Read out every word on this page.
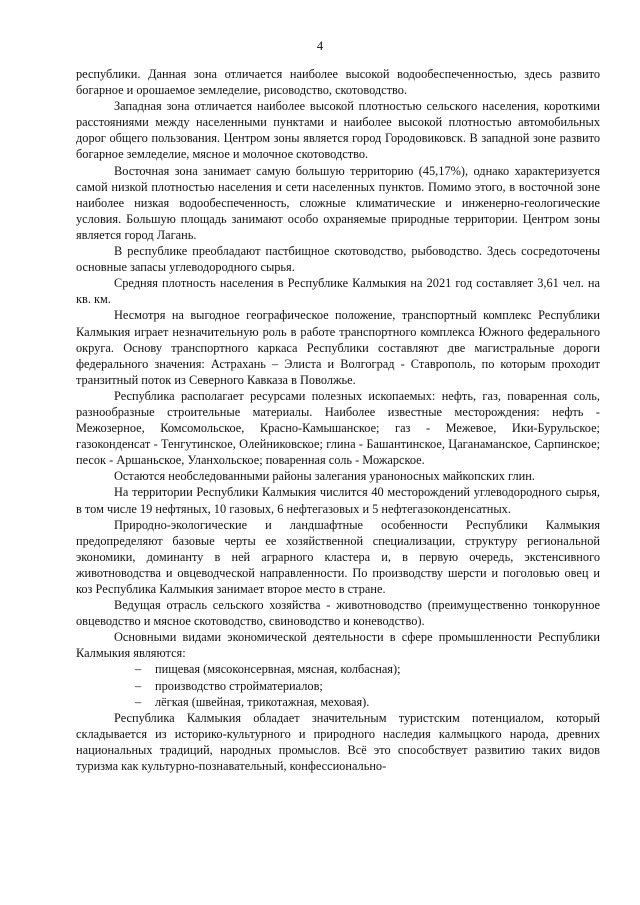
4

республики. Данная зона отличается наиболее высокой водообеспеченностью, здесь развито богарное и орошаемое земледелие, рисоводство, скотоводство.

Западная зона отличается наиболее высокой плотностью сельского населения, короткими расстояниями между населенными пунктами и наиболее высокой плотностью автомобильных дорог общего пользования. Центром зоны является город Городовиковск. В западной зоне развито богарное земледелие, мясное и молочное скотоводство.

Восточная зона занимает самую большую территорию (45,17%), однако характеризуется самой низкой плотностью населения и сети населенных пунктов. Помимо этого, в восточной зоне наиболее низкая водообеспеченность, сложные климатические и инженерно-геологические условия. Большую площадь занимают особо охраняемые природные территории. Центром зоны является город Лагань.

В республике преобладают пастбищное скотоводство, рыбоводство. Здесь сосредоточены основные запасы углеводородного сырья.

Средняя плотность населения в Республике Калмыкия на 2021 год составляет 3,61 чел. на кв. км.

Несмотря на выгодное географическое положение, транспортный комплекс Республики Калмыкия играет незначительную роль в работе транспортного комплекса Южного федерального округа. Основу транспортного каркаса Республики составляют две магистральные дороги федерального значения: Астрахань – Элиста и Волгоград - Ставрополь, по которым проходит транзитный поток из Северного Кавказа в Поволжье.

Республика располагает ресурсами полезных ископаемых: нефть, газ, поваренная соль, разнообразные строительные материалы. Наиболее известные месторождения: нефть - Межозерное, Комсомольское, Красно-Камышанское; газ - Межевое, Ики-Бурульское; газоконденсат - Тенгутинское, Олейниковское; глина - Башантинское, Цаганаманское, Сарпинское; песок - Аршаньское, Уланхольское; поваренная соль - Можарское.

Остаются необследованными районы залегания ураноносных майкопских глин.

На территории Республики Калмыкия числится 40 месторождений углеводородного сырья, в том числе 19 нефтяных, 10 газовых, 6 нефтегазовых и 5 нефтегазоконденсатных.

Природно-экологические и ландшафтные особенности Республики Калмыкия предопределяют базовые черты ее хозяйственной специализации, структуру региональной экономики, доминанту в ней аграрного кластера и, в первую очередь, экстенсивного животноводства и овцеводческой направленности. По производству шерсти и поголовью овец и коз Республика Калмыкия занимает второе место в стране.

Ведущая отрасль сельского хозяйства - животноводство (преимущественно тонкорунное овцеводство и мясное скотоводство, свиноводство и коневодство).

Основными видами экономической деятельности в сфере промышленности Республики Калмыкия являются:

– пищевая (мясоконсервная, мясная, колбасная);
– производство стройматериалов;
– лёгкая (швейная, трикотажная, меховая).

Республика Калмыкия обладает значительным туристским потенциалом, который складывается из историко-культурного и природного наследия калмыцкого народа, древних национальных традиций, народных промыслов. Всё это способствует развитию таких видов туризма как культурно-познавательный, конфессионально-
